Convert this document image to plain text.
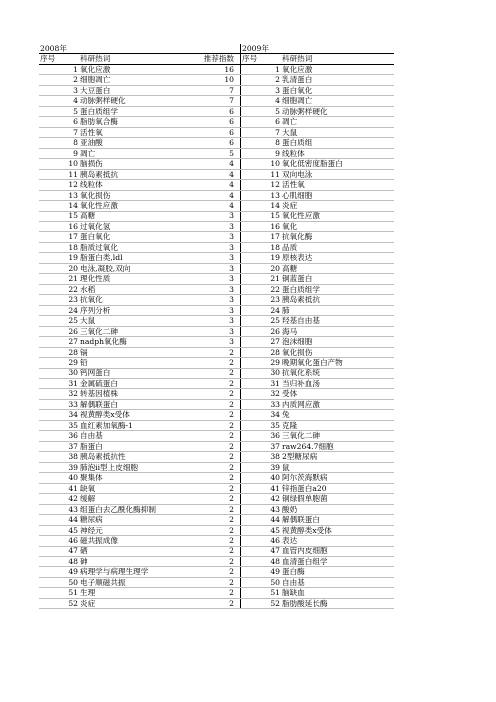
2008年				2009年	
序号	科研热词	推荐指数		序号	科研热词
1	氧化应激	16		1	氧化应激
2	细胞凋亡	10		2	乳清蛋白
3	大豆蛋白	7		3	蛋白氧化
4	动脉粥样硬化	7		4	细胞凋亡
5	蛋白质组学	6		5	动脉粥样硬化
6	脂肪氧合酶	6		6	凋亡
7	活性氧	6		7	大鼠
8	亚油酸	6		8	蛋白质组
9	凋亡	5		9	线粒体
10	脑损伤	4		10	氧化低密度脂蛋白
11	胰岛素抵抗	4		11	双向电泳
12	线粒体	4		12	活性氧
13	氧化损伤	4		13	心肌细胞
14	氧化性应激	4		14	炎症
15	高糖	3		15	氧化性应激
16	过氧化氢	3		16	氧化
17	蛋白氧化	3		17	抗氧化酶
18	脂质过氧化	3		18	品质
19	脂蛋白类,ldl	3		19	原核表达
20	电泳,凝胶,双向	3		20	高糖
21	理化性质	3		21	铜蓝蛋白
22	水稻	3		22	蛋白质组学
23	抗氧化	3		23	胰岛素抵抗
24	序列分析	3		24	肺
25	大鼠	3		25	羟基自由基
26	三氧化二砷	3		26	海马
27	nadph氧化酶	3		27	泡沫细胞
28	镉	2		28	氧化损伤
29	铅	2		29	晚期氧化蛋白产物
30	钙网蛋白	2		30	抗氧化系统
31	金属硫蛋白	2		31	当归补血汤
32	转基因植株	2		32	受体
33	解偶联蛋白	2		33	内质网应激
34	视黄醇类x受体	2		34	兔
35	血红素加氧酶-1	2		35	克隆
36	自由基	2		36	三氧化二砷
37	脂蛋白	2		37	raw264.7细胞
38	胰岛素抵抗性	2		38	2型糖尿病
39	肺泡ii型上皮细胞	2		39	鼠
40	聚集体	2		40	阿尔茨海默病
41	缺氧	2		41	锌指蛋白a20
42	缓解	2		42	铜绿假单胞菌
43	组蛋白去乙酰化酶抑制	2		43	酸奶
44	糖尿病	2		44	解偶联蛋白
45	神经元	2		45	视黄醇类x受体
46	磁共振成像	2		46	表达
47	硒	2		47	血管内皮细胞
48	砷	2		48	血清蛋白组学
49	病理学与病理生理学	2		49	蛋白酶
50	电子顺磁共振	2		50	自由基
51	生理	2		51	脑缺血
52	炎症	2		52	脂肪酸延长酶
